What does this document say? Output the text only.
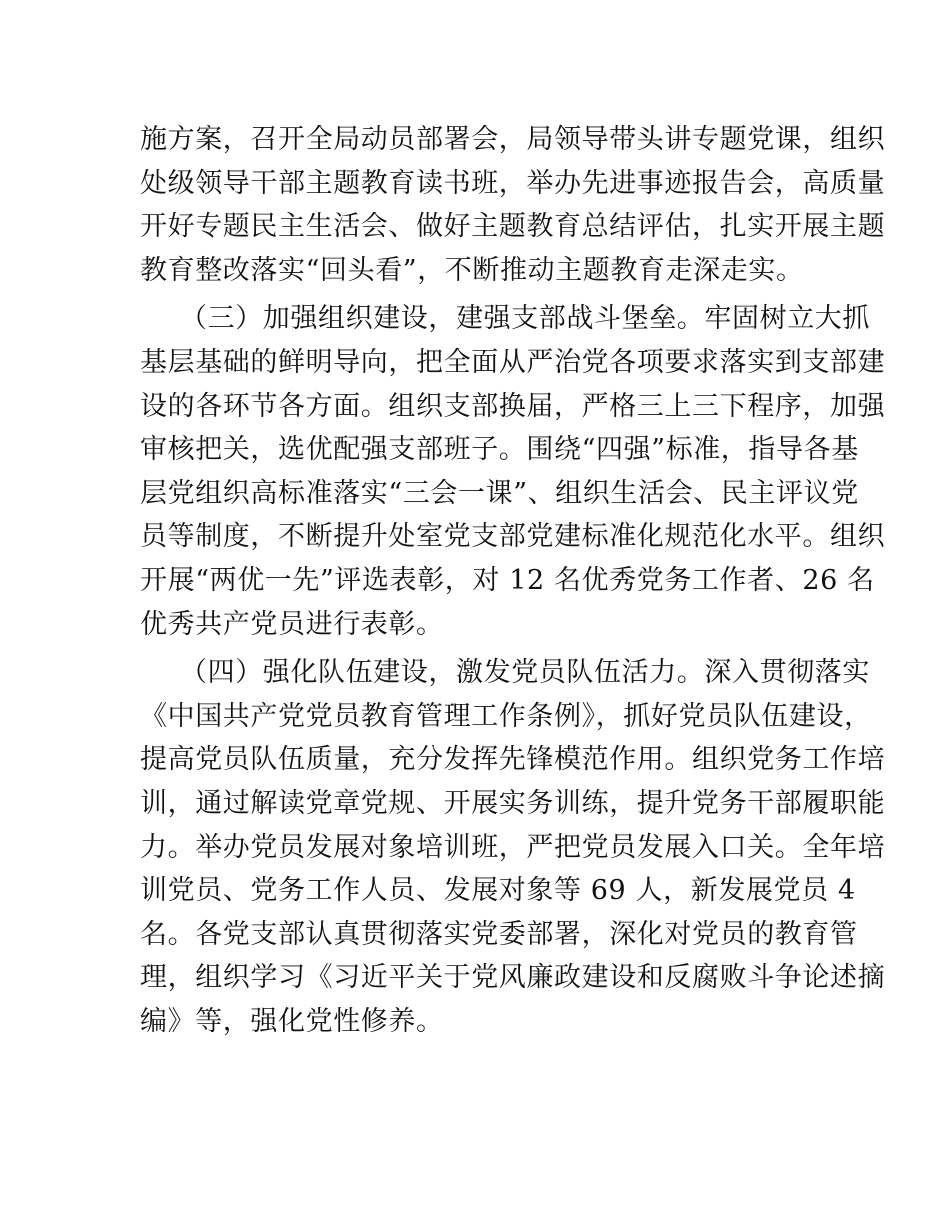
施方案，召开全局动员部署会，局领导带头讲专题党课，组织
处级领导干部主题教育读书班，举办先进事迹报告会，高质量
开好专题民主生活会、做好主题教育总结评估，扎实开展主题
教育整改落实“回头看”，不断推动主题教育走深走实。

（三）加强组织建设，建强支部战斗堡垒。牢固树立大抓
基层基础的鲜明导向，把全面从严治党各项要求落实到支部建
设的各环节各方面。组织支部换届，严格三上三下程序，加强
审核把关，选优配强支部班子。围绕“四强”标准，指导各基
层党组织高标准落实“三会一课”、组织生活会、民主评议党
员等制度，不断提升处室党支部党建标准化规范化水平。组织
开展“两优一先”评选表彰，对 12 名优秀党务工作者、26 名
优秀共产党员进行表彰。

（四）强化队伍建设，激发党员队伍活力。深入贯彻落实
《中国共产党党员教育管理工作条例》，抓好党员队伍建设，
提高党员队伍质量，充分发挥先锋模范作用。组织党务工作培
训，通过解读党章党规、开展实务训练，提升党务干部履职能
力。举办党员发展对象培训班，严把党员发展入口关。全年培
训党员、党务工作人员、发展对象等 69 人，新发展党员 4
名。各党支部认真贯彻落实党委部署，深化对党员的教育管
理，组织学习《习近平关于党风廉政建设和反腐败斗争论述摘
编》等，强化党性修养。
